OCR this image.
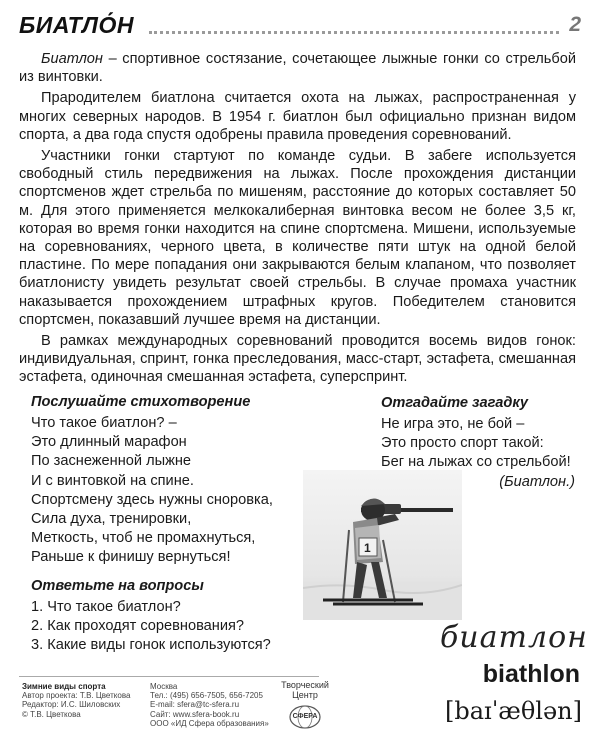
БИАТЛО́Н	2

Биатлон – спортивное состязание, сочетающее лыжные гонки со стрельбой из винтовки.

Прародителем биатлона считается охота на лыжах, распространенная у многих северных народов. В 1954 г. биатлон был официально признан видом спорта, а два года спустя одобрены правила проведения соревнований.

Участники гонки стартуют по команде судьи. В забеге используется свободный стиль передвижения на лыжах. После прохождения дистанции спортсменов ждет стрельба по мишеням, расстояние до которых составляет 50 м. Для этого применяется мелкокалиберная винтовка весом не более 3,5 кг, которая во время гонки находится на спине спортсмена. Мишени, используемые на соревнованиях, черного цвета, в количестве пяти штук на одной белой пластине. По мере попадания они закрываются белым клапаном, что позволяет биатлонисту увидеть результат своей стрельбы. В случае промаха участник наказывается прохождением штрафных кругов. Победителем становится спортсмен, показавший лучшее время на дистанции.

В рамках международных соревнований проводится восемь видов гонок: индивидуальная, спринт, гонка преследования, масс-старт, эстафета, смешанная эстафета, одиночная смешанная эстафета, суперспринт.

Послушайте стихотворение
Что такое биатлон? –
Это длинный марафон
По заснеженной лыжне
И с винтовкой на спине.
Спортсмену здесь нужны сноровка,
Сила духа, тренировки,
Меткость, чтоб не промахнуться,
Раньше к финишу вернуться!
Отгадайте загадку
Не игра это, не бой –
Это просто спорт такой:
Бег на лыжах со стрельбой!
(Биатлон.)
1
Ответьте на вопросы
1. Что такое биатлон?
2. Как проходят соревнования?
3. Какие виды гонок используются?	биатлон
biathlon
[baɪˈæθlən]
Зимние виды спорта
Автор проекта: Т.В. Цветкова
Редактор: И.С. Шиловских
© Т.В. Цветкова
Москва
Тел.: (495) 656-7505, 656-7205
E-mail: sfera@tc-sfera.ru
Сайт: www.sfera-book.ru
ООО «ИД Сфера образования»
Творческий
Центр
СФЕРА
